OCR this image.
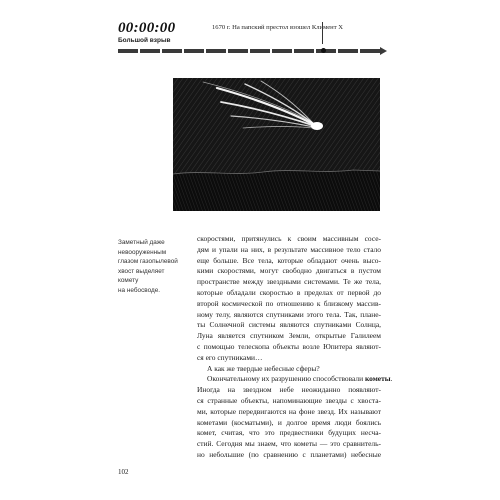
00:00:00
Большой взрыв
1670 г. На папский престол взошел Климент X
Заметный даже
невооруженным
глазом газопылевой
хвост выделяет комету
на небосводе.
скоростями, притянулись к своим массивным сосе-
дям и упали на них, в результате массивное тело стало
еще больше. Все тела, которые обладают очень высо-
кими скоростями, могут свободно двигаться в пустом
пространстве между звездными системами. Те же тела,
которые обладали скоростью в пределах от первой до
второй космической по отношению к близкому массив-
ному телу, являются спутниками этого тела. Так, плане-
ты Солнечной системы являются спутниками Солнца,
Луна является спутником Земли, открытые Галилеем
с помощью телескопа объекты возле Юпитера являют-
ся его спутниками…
А как же твердые небесные сферы?
Окончательному их разрушению способствовали кометы.
Иногда на звездном небе неожиданно появляют-
ся странные объекты, напоминающие звезды с хвоста-
ми, которые передвигаются на фоне звезд. Их называют
кометами (косматыми), и долгое время люди боялись
комет, считая, что это предвестники будущих несча-
стий. Сегодня мы знаем, что кометы — это сравнитель-
но небольшие (по сравнению с планетами) небесные
102
